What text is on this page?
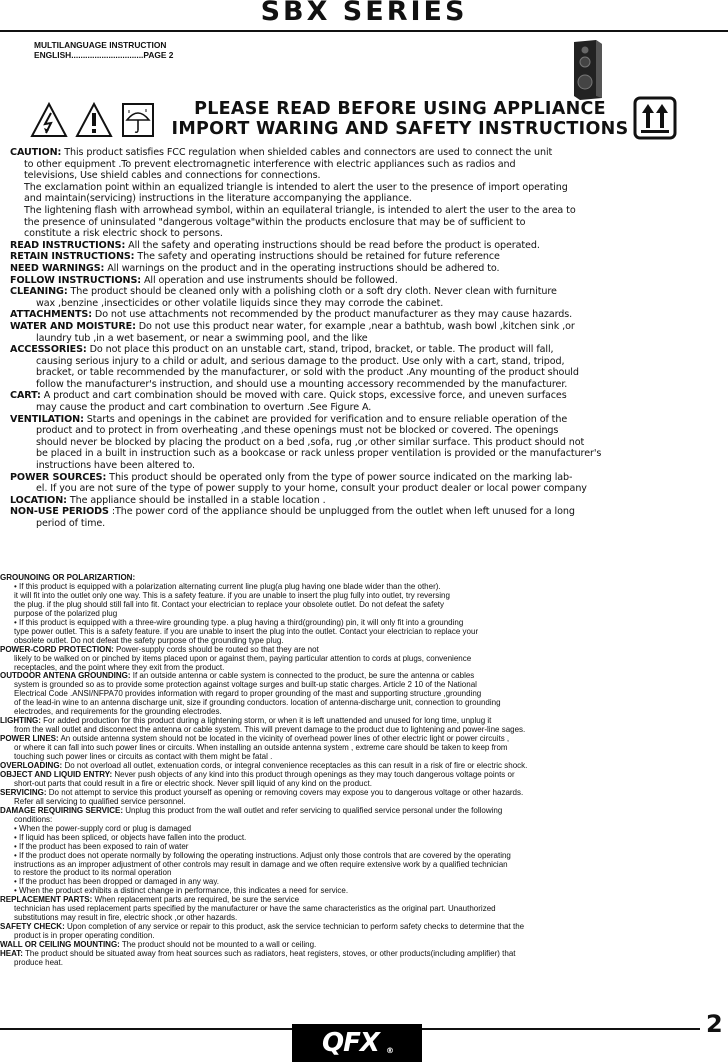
SBX SERIES
MULTILANGUAGE INSTRUCTION
ENGLISH...............................PAGE 2

PLEASE READ BEFORE USING APPLIANCE
IMPORT WARING AND SAFETY INSTRUCTIONS
CAUTION: This product satisfies FCC regulation when shielded cables and connectors are used to connect the unit
to other equipment .To prevent electromagnetic interference with electric appliances such as radios and
televisions, Use shield cables and connections for connections.
The exclamation point within an equalized triangle is intended to alert the user to the presence of import operating
and maintain(servicing) instructions in the literature accompanying the appliance.
The lightening flash with arrowhead symbol, within an equilateral triangle, is intended to alert the user to the area to
the presence of uninsulated "dangerous voltage"within the products enclosure that may be of sufficient to
constitute a risk electric shock to persons.
READ INSTRUCTIONS: All the safety and operating instructions should be read before the product is operated.
RETAIN INSTRUCTIONS: The safety and operating instructions should be retained for future reference
NEED WARNINGS: All warnings on the product and in the operating instructions should be adhered to.
FOLLOW INSTRUCTIONS: All operation and use instruments should be followed.
CLEANING: The product should be cleaned only with a polishing cloth or a soft dry cloth. Never clean with furniture
wax ,benzine ,insecticides or other volatile liquids since they may corrode the cabinet.
ATTACHMENTS: Do not use attachments not recommended by the product manufacturer as they may cause hazards.
WATER AND MOISTURE: Do not use this product near water, for example ,near a bathtub, wash bowl ,kitchen sink ,or
laundry tub ,in a wet basement, or near a swimming pool, and the like
ACCESSORIES: Do not place this product on an unstable cart, stand, tripod, bracket, or table. The product will fall,
causing serious injury to a child or adult, and serious damage to the product. Use only with a cart, stand, tripod,
bracket, or table recommended by the manufacturer, or sold with the product .Any mounting of the product should
follow the manufacturer's instruction, and should use a mounting accessory recommended by the manufacturer.
CART: A product and cart combination should be moved with care. Quick stops, excessive force, and uneven surfaces
may cause the product and cart combination to overturn .See Figure A.
VENTILATION: Starts and openings in the cabinet are provided for verification and to ensure reliable operation of the
product and to protect in from overheating ,and these openings must not be blocked or covered. The openings
should never be blocked by placing the product on a bed ,sofa, rug ,or other similar surface. This product should not
be placed in a built in instruction such as a bookcase or rack unless proper ventilation is provided or the manufacturer's
instructions have been altered to.
POWER SOURCES: This product should be operated only from the type of power source indicated on the marking lab-
el. If you are not sure of the type of power supply to your home, consult your product dealer or local power company
LOCATION: The appliance should be installed in a stable location .
NON-USE PERIODS :The power cord of the appliance should be unplugged from the outlet when left unused for a long
period of time.
GROUNOING OR POLARIZARTION:
• If this product is equipped with a polarization alternating current line plug(a plug having one blade wider than the other).
it will fit into the outlet only one way. This is a safety feature. if you are unable to insert the plug fully into outlet, try reversing
the plug. if the plug should still fall into fit. Contact your electrician to replace your obsolete outlet. Do not defeat the safety
purpose of the polarized plug
• If this product is equipped with a three-wire grounding type. a plug having a third(grounding) pin, it will only fit into a grounding
type power outlet. This is a safety feature. if you are unable to insert the plug into the outlet. Contact your electrician to replace your
obsolete outlet. Do not defeat the safety purpose of the grounding type plug.
POWER-CORD PROTECTION: Power-supply cords should be routed so that they are not
likely to be walked on or pinched by items placed upon or against them, paying particular attention to cords at plugs, convenience
receptacles, and the point where they exit from the product.
OUTDOOR ANTENA GROUNDING: If an outside antenna or cable system is connected to the product, be sure the antenna or cables
system is grounded so as to provide some protection against voltage surges and built-up static charges. Article 2 10 of the National
Electrical Code .ANSI/NFPA70 provides information with regard to proper grounding of the mast and supporting structure ,grounding
of the lead-in wine to an antenna discharge unit, size if grounding conductors. location of antenna-discharge unit, connection to grounding
electrodes, and requirements for the grounding electrodes.
LIGHTING: For added production for this product during a lightening storm, or when it is left unattended and unused for long time, unplug it
from the wall outlet and disconnect the antenna or cable system. This will prevent damage to the product due to lightening and power-line sages.
POWER LINES: An outside antenna system should not be located in the vicinity of overhead power lines of other electric light or power circuits ,
or where it can fall into such power lines or circuits. When installing an outside antenna system , extreme care should be taken to keep from
touching such power lines or circuits as contact with them might be fatal .
OVERLOADING: Do not overload all outlet, extenuation cords, or integral convenience receptacles as this can result in a risk of fire or electric shock.
OBJECT AND LIQUID ENTRY: Never push objects of any kind into this product through openings as they may touch dangerous voltage points or
short-out parts that could result in a fire or electric shock. Never spill liquid of any kind on the product.
SERVICING: Do not attempt to service this product yourself as opening or removing covers may expose you to dangerous voltage or other hazards.
Refer all servicing to qualified service personnel.
DAMAGE REQUIRING SERVICE: Unplug this product from the wall outlet and refer servicing to qualified service personal under the following
conditions:
• When the power-supply cord or plug is damaged
• If liquid has been spliced, or objects have fallen into the product.
• If the product has been exposed to rain of water
• If the product does not operate normally by following the operating instructions. Adjust only those controls that are covered by the operating
instructions as an improper adjustment of other controls may result in damage and we often require extensive work by a qualified technician
to restore the product to its normal operation
• If the product has been dropped or damaged in any way.
• When the product exhibits a distinct change in performance, this indicates a need for service.
REPLACEMENT PARTS: When replacement parts are required, be sure the service
technician has used replacement parts specified by the manufacturer or have the same characteristics as the original part. Unauthorized
substitutions may result in fire, electric shock ,or other hazards.
SAFETY CHECK: Upon completion of any service or repair to this product, ask the service technician to perform safety checks to determine that the
product is in proper operating condition.
WALL OR CEILING MOUNTING: The product should not be mounted to a wall or ceiling.
HEAT: The product should be situated away from heat sources such as radiators, heat registers, stoves, or other products(including amplifier) that
produce heat.
2
QFX ®
